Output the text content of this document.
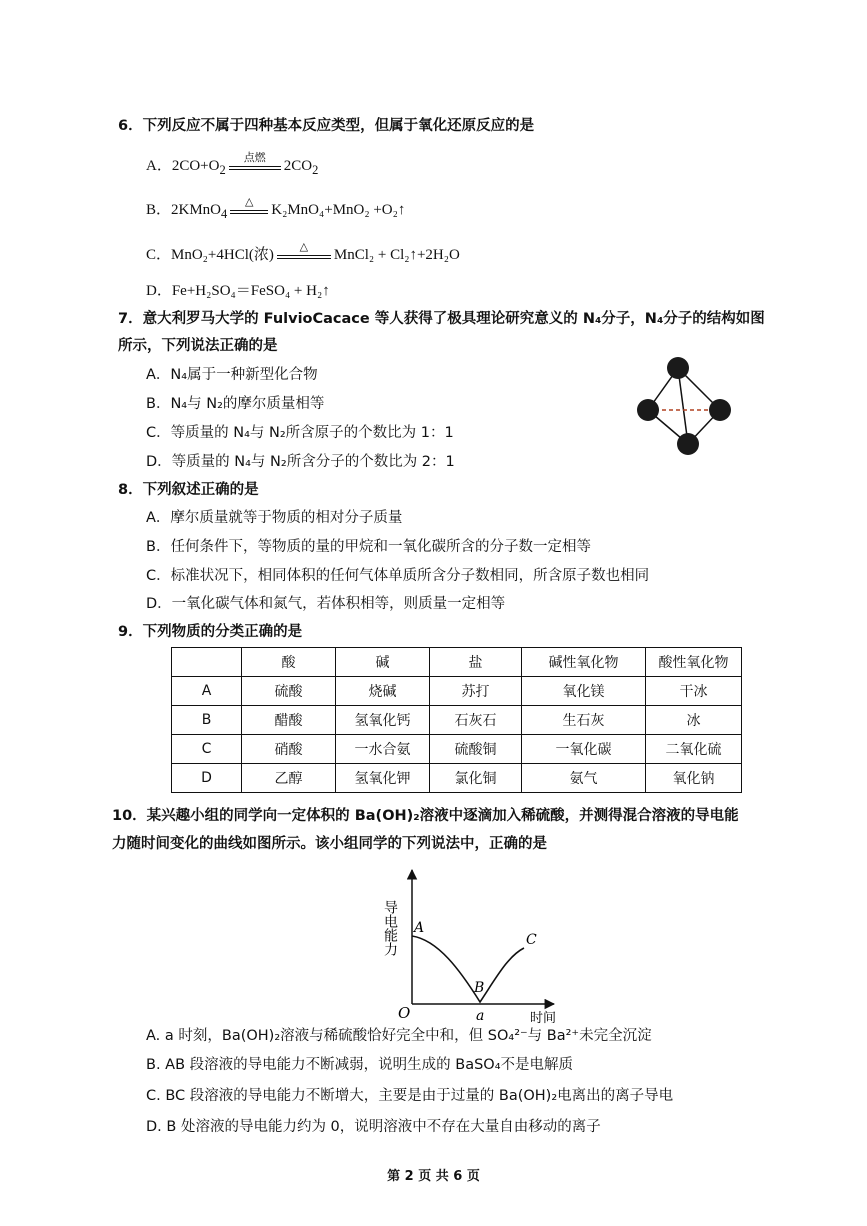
6．下列反应不属于四种基本反应类型，但属于氧化还原反应的是
A．$2CO+O_2$
点燃
$2CO_2$
B．2KMnO$_4$
△
K₂MnO₄+MnO₂ +O₂↑
C．MnO₂+4HCl(浓)
△
MnCl₂ + Cl₂↑+2H₂O
D．Fe+H₂SO₄＝FeSO₄ + H₂↑
7．意大利罗马大学的 FulvioCacace 等人获得了极具理论研究意义的 N₄分子，N₄分子的结构如图
所示，下列说法正确的是
A．N₄属于一种新型化合物
B．N₄与 N₂的摩尔质量相等
C．等质量的 N₄与 N₂所含原子的个数比为 1：1
D．等质量的 N₄与 N₂所含分子的个数比为 2：1
8．下列叙述正确的是
A．摩尔质量就等于物质的相对分子质量
B．任何条件下，等物质的量的甲烷和一氧化碳所含的分子数一定相等
C．标准状况下，相同体积的任何气体单质所含分子数相同，所含原子数也相同
D．一氧化碳气体和氮气，若体积相等，则质量一定相等
9．下列物质的分类正确的是
	酸	碱	盐	碱性氧化物	酸性氧化物
A	硫酸	烧碱	苏打	氧化镁	干冰
B	醋酸	氢氧化钙	石灰石	生石灰	冰
C	硝酸	一水合氨	硫酸铜	一氧化碳	二氧化硫
D	乙醇	氢氧化钾	氯化铜	氨气	氧化钠
10．某兴趣小组的同学向一定体积的 Ba(OH)₂溶液中逐滴加入稀硫酸，并测得混合溶液的导电能
力随时间变化的曲线如图所示。该小组同学的下列说法中，正确的是
导电能力
时间
O	a
A
B
C
A. a 时刻，Ba(OH)₂溶液与稀硫酸恰好完全中和，但 SO₄²⁻与 Ba²⁺未完全沉淀
B. AB 段溶液的导电能力不断减弱，说明生成的 BaSO₄不是电解质
C. BC 段溶液的导电能力不断增大，主要是由于过量的 Ba(OH)₂电离出的离子导电
D. B 处溶液的导电能力约为 0，说明溶液中不存在大量自由移动的离子
第 2 页 共 6 页
